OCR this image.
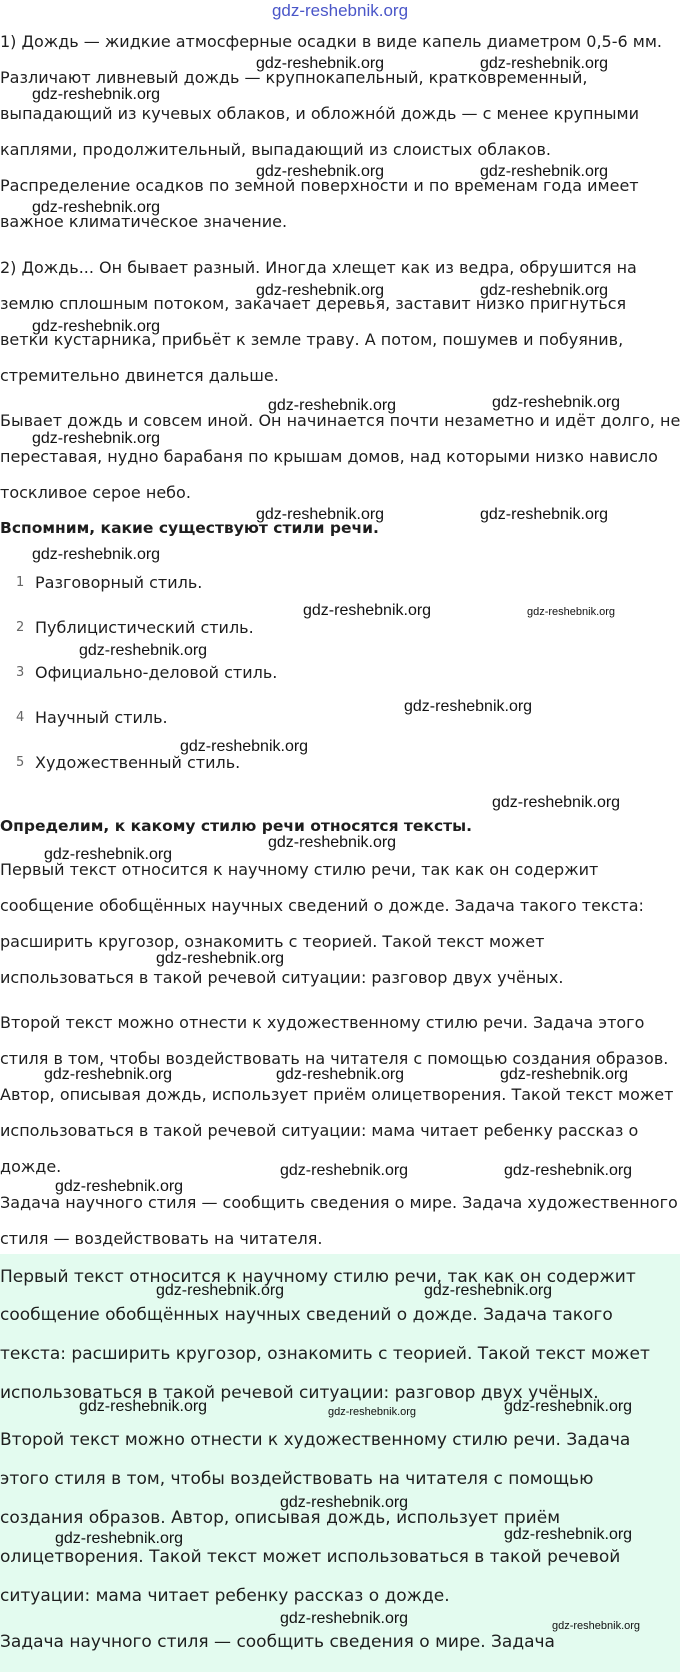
gdz-reshebnik.org
1) Дождь — жидкие атмосферные осадки в виде капель диаметром 0,5-6 мм.
Различают ливневый дождь — крупнокапельный, кратковременный,
выпадающий из кучевых облаков, и обложно́й дождь — с менее крупными
каплями, продолжительный, выпадающий из слоистых облаков.
Распределение осадков по земной поверхности и по временам года имеет
важное климатическое значение.
2) Дождь... Он бывает разный. Иногда хлещет как из ведра, обрушится на
землю сплошным потоком, закачает деревья, заставит низко пригнуться
ветки кустарника, прибьёт к земле траву. А потом, пошумев и побуянив,
стремительно двинется дальше.
Бывает дождь и совсем иной. Он начинается почти незаметно и идёт долго, не
переставая, нудно барабаня по крышам домов, над которыми низко нависло
тоскливое серое небо.
Вспомним, какие существуют стили речи.
1 Разговорный стиль.
2 Публицистический стиль.
3 Официально-деловой стиль.
4 Научный стиль.
5 Художественный стиль.
Определим, к какому стилю речи относятся тексты.
Первый текст относится к научному стилю речи, так как он содержит
сообщение обобщённых научных сведений о дожде. Задача такого текста:
расширить кругозор, ознакомить с теорией. Такой текст может
использоваться в такой речевой ситуации: разговор двух учёных.
Второй текст можно отнести к художественному стилю речи. Задача этого
стиля в том, чтобы воздействовать на читателя с помощью создания образов.
Автор, описывая дождь, использует приём олицетворения. Такой текст может
использоваться в такой речевой ситуации: мама читает ребенку рассказ о
дожде.
Задача научного стиля — сообщить сведения о мире. Задача художественного
стиля — воздействовать на читателя.
Первый текст относится к научному стилю речи, так как он содержит
сообщение обобщённых научных сведений о дожде. Задача такого
текста: расширить кругозор, ознакомить с теорией. Такой текст может
использоваться в такой речевой ситуации: разговор двух учёных.
Второй текст можно отнести к художественному стилю речи. Задача
этого стиля в том, чтобы воздействовать на читателя с помощью
создания образов. Автор, описывая дождь, использует приём
олицетворения. Такой текст может использоваться в такой речевой
ситуации: мама читает ребенку рассказ о дожде.
Задача научного стиля — сообщить сведения о мире. Задача
gdz-reshebnik.org	gdz-reshebnik.org
gdz-reshebnik.org
gdz-reshebnik.org	gdz-reshebnik.org
gdz-reshebnik.org
gdz-reshebnik.org	gdz-reshebnik.org
gdz-reshebnik.org
gdz-reshebnik.org	gdz-reshebnik.org
gdz-reshebnik.org
gdz-reshebnik.org	gdz-reshebnik.org
gdz-reshebnik.org
gdz-reshebnik.org	gdz-reshebnik.org
gdz-reshebnik.org
gdz-reshebnik.org
gdz-reshebnik.org
gdz-reshebnik.org
gdz-reshebnik.org
gdz-reshebnik.org
gdz-reshebnik.org
gdz-reshebnik.org	gdz-reshebnik.org	gdz-reshebnik.org
gdz-reshebnik.org
gdz-reshebnik.org	gdz-reshebnik.org
gdz-reshebnik.org	gdz-reshebnik.org
gdz-reshebnik.org	gdz-reshebnik.org	gdz-reshebnik.org
gdz-reshebnik.org
gdz-reshebnik.org	gdz-reshebnik.org
gdz-reshebnik.org	gdz-reshebnik.org
